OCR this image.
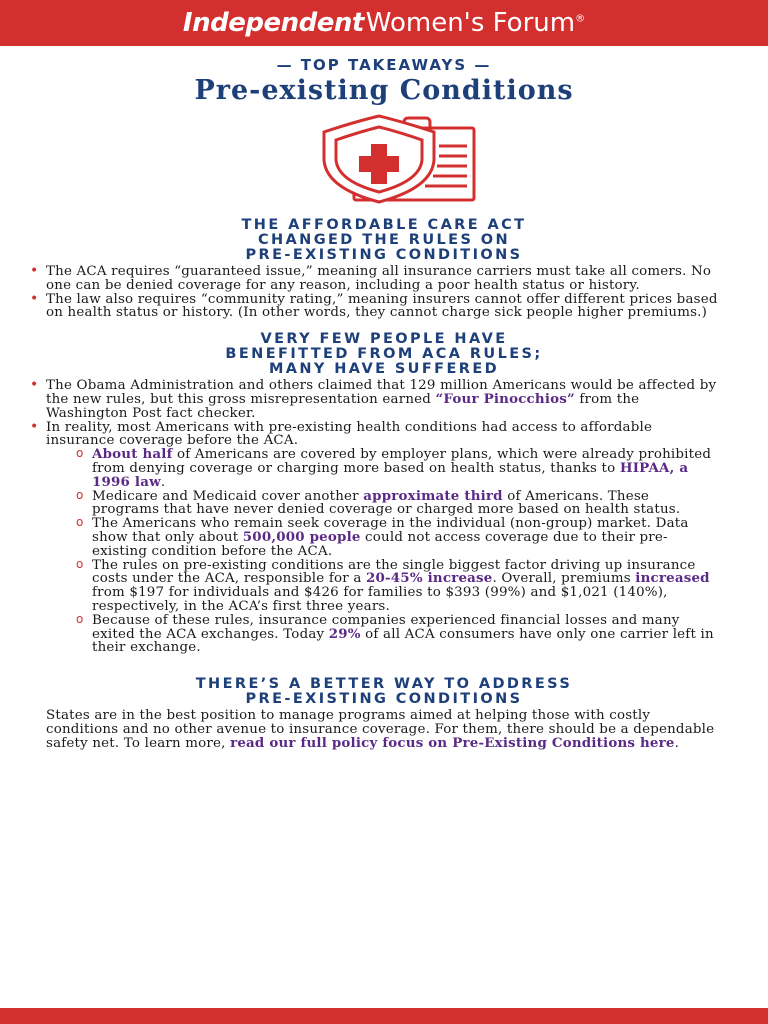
IndependentWomen's Forum®
— TOP TAKEAWAYS —
Pre-existing Conditions
THE AFFORDABLE CARE ACT
CHANGED THE RULES ON
PRE-EXISTING CONDITIONS
• The ACA requires “guaranteed issue,” meaning all insurance carriers must take all comers. No one can be denied coverage for any reason, including a poor health status or history.
• The law also requires “community rating,” meaning insurers cannot offer different prices based on health status or history. (In other words, they cannot charge sick people higher premiums.)
VERY FEW PEOPLE HAVE
BENEFITTED FROM ACA RULES;
MANY HAVE SUFFERED
• The Obama Administration and others claimed that 129 million Americans would be affected by the new rules, but this gross misrepresentation earned “Four Pinocchios” from the Washington Post fact checker.
• In reality, most Americans with pre-existing health conditions had access to affordable insurance coverage before the ACA.
o About half of Americans are covered by employer plans, which were already prohibited from denying coverage or charging more based on health status, thanks to HIPAA, a 1996 law.
o Medicare and Medicaid cover another approximate third of Americans. These programs that have never denied coverage or charged more based on health status.
o The Americans who remain seek coverage in the individual (non-group) market. Data show that only about 500,000 people could not access coverage due to their pre-existing condition before the ACA.
o The rules on pre-existing conditions are the single biggest factor driving up insurance costs under the ACA, responsible for a 20-45% increase. Overall, premiums increased from $197 for individuals and $426 for families to $393 (99%) and $1,021 (140%), respectively, in the ACA’s first three years.
o Because of these rules, insurance companies experienced financial losses and many exited the ACA exchanges. Today 29% of all ACA consumers have only one carrier left in their exchange.
THERE’S A BETTER WAY TO ADDRESS
PRE-EXISTING CONDITIONS
States are in the best position to manage programs aimed at helping those with costly conditions and no other avenue to insurance coverage. For them, there should be a dependable safety net. To learn more, read our full policy focus on Pre-Existing Conditions here.
